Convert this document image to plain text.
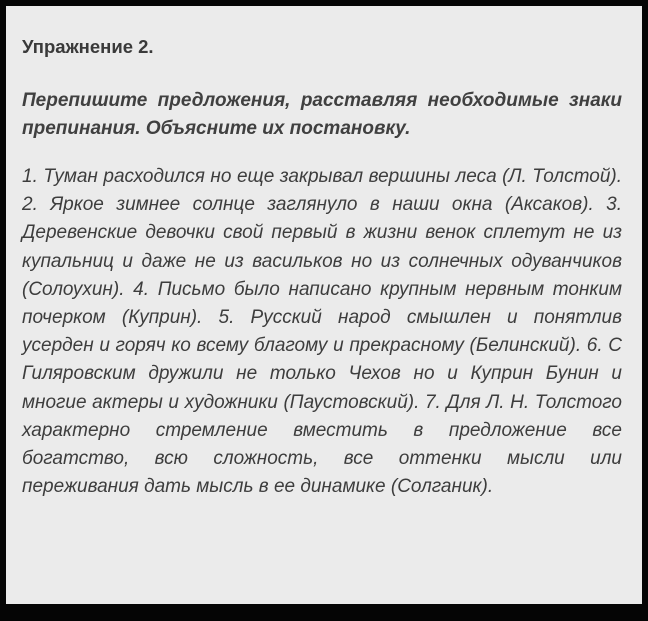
Упражнение 2.

Перепишите предложения, расставляя необходимые знаки препинания. Объясните их постановку.

1. Туман расходился но еще закрывал вершины леса (Л. Толстой). 2. Яркое зимнее солнце заглянуло в наши окна (Аксаков). 3. Деревенские девочки свой первый в жизни венок сплетут не из купальниц и даже не из васильков но из солнечных одуванчиков (Солоухин). 4. Письмо было написано крупным нервным тонким почерком (Куприн). 5. Русский народ смышлен и понятлив усерден и горяч ко всему благому и прекрасному (Белинский). 6. С Гиляровским дружили не только Чехов но и Куприн Бунин и многие актеры и художники (Паустовский). 7. Для Л. Н. Толстого характерно стремление вместить в предложение все богатство, всю сложность, все оттенки мысли или переживания дать мысль в ее динамике (Солганик).
